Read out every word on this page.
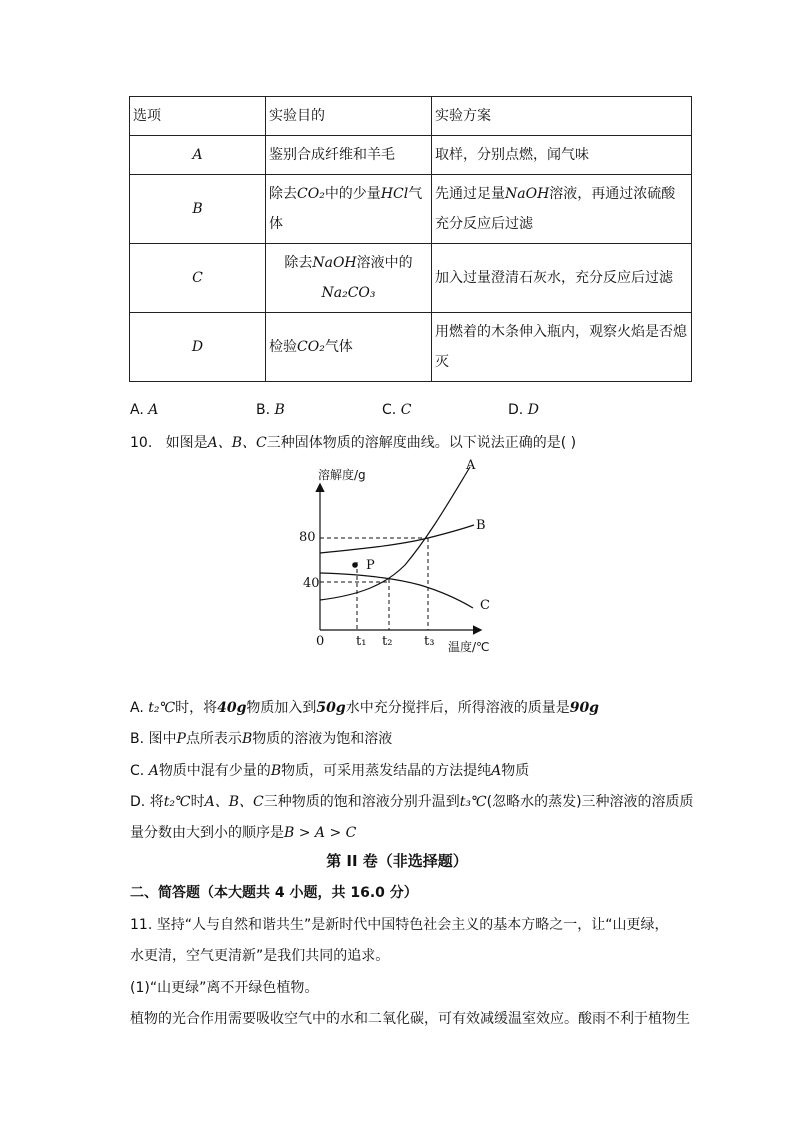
选项	实验目的	实验方案
A	鉴别合成纤维和羊毛	取样，分别点燃，闻气味
B	除去CO₂中的少量HCl气体	先通过足量NaOH溶液，再通过浓硫酸充分反应后过滤
C	除去NaOH溶液中的Na₂CO₃	加入过量澄清石灰水，充分反应后过滤
D	检验CO₂气体	用燃着的木条伸入瓶内，观察火焰是否熄灭
A. A	B. B	C. C	D. D
10. 如图是A、B、C三种固体物质的溶解度曲线。以下说法正确的是( )
溶解度/g
温度/℃
0
80
40
t₁ t₂ t₃
A
B
C
P
A. t₂℃时，将40g物质加入到50g水中充分搅拌后，所得溶液的质量是90g
B. 图中P点所表示B物质的溶液为饱和溶液
C. A物质中混有少量的B物质，可采用蒸发结晶的方法提纯A物质
D. 将t₂℃时A、B、C三种物质的饱和溶液分别升温到t₃℃(忽略水的蒸发)三种溶液的溶质质
量分数由大到小的顺序是B > A > C
第 II 卷（非选择题）
二、简答题（本大题共 4 小题，共 16.0 分）
11. 坚持“人与自然和谐共生”是新时代中国特色社会主义的基本方略之一，让“山更绿，
水更清，空气更清新”是我们共同的追求。
(1)“山更绿”离不开绿色植物。
植物的光合作用需要吸收空气中的水和二氧化碳，可有效减缓温室效应。酸雨不利于植物生
